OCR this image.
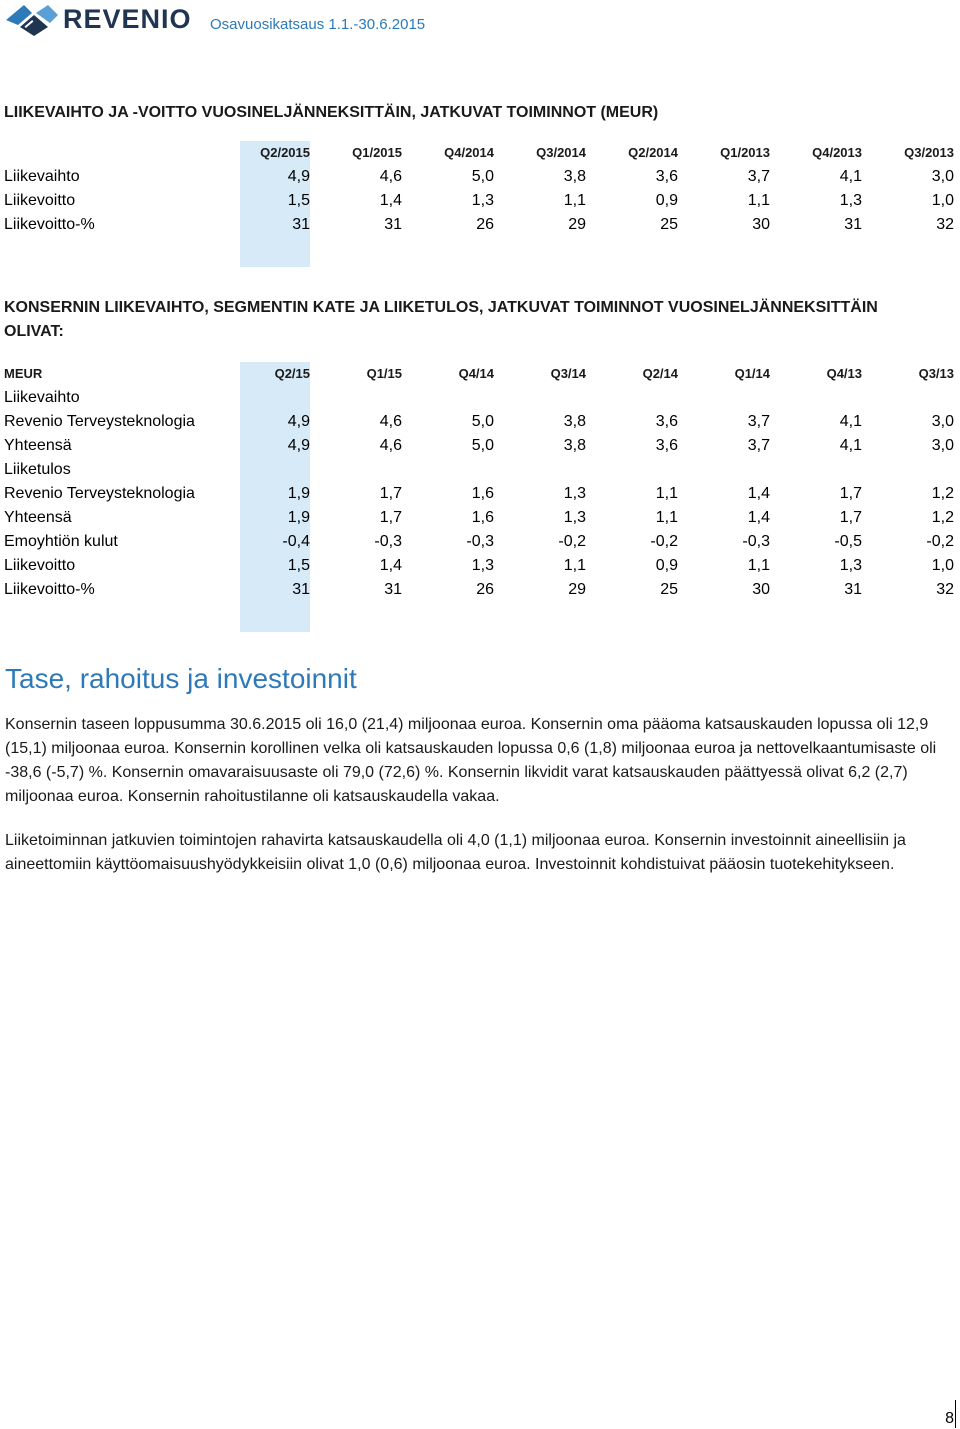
REVENIO Osavuosikatsaus 1.1.-30.6.2015
LIIKEVAIHTO JA -VOITTO VUOSINELJÄNNEKSITTÄIN, JATKUVAT TOIMINNOT (MEUR)
	Q2/2015	Q1/2015	Q4/2014	Q3/2014	Q2/2014	Q1/2013	Q4/2013	Q3/2013
Liikevaihto	4,9	4,6	5,0	3,8	3,6	3,7	4,1	3,0
Liikevoitto	1,5	1,4	1,3	1,1	0,9	1,1	1,3	1,0
Liikevoitto-%	31	31	26	29	25	30	31	32

KONSERNIN LIIKEVAIHTO, SEGMENTIN KATE JA LIIKETULOS, JATKUVAT TOIMINNOT VUOSINELJÄNNEKSITTÄIN
OLIVAT:
MEUR	Q2/15	Q1/15	Q4/14	Q3/14	Q2/14	Q1/14	Q4/13	Q3/13
Liikevaihto								
Revenio Terveysteknologia	4,9	4,6	5,0	3,8	3,6	3,7	4,1	3,0
Yhteensä	4,9	4,6	5,0	3,8	3,6	3,7	4,1	3,0
Liiketulos								
Revenio Terveysteknologia	1,9	1,7	1,6	1,3	1,1	1,4	1,7	1,2
Yhteensä	1,9	1,7	1,6	1,3	1,1	1,4	1,7	1,2
Emoyhtiön kulut	-0,4	-0,3	-0,3	-0,2	-0,2	-0,3	-0,5	-0,2
Liikevoitto	1,5	1,4	1,3	1,1	0,9	1,1	1,3	1,0
Liikevoitto-%	31	31	26	29	25	30	31	32

Tase, rahoitus ja investoinnit
Konsernin taseen loppusumma 30.6.2015 oli 16,0 (21,4) miljoonaa euroa. Konsernin oma pääoma katsauskauden lopussa oli 12,9 (15,1) miljoonaa euroa. Konsernin korollinen velka oli katsauskauden lopussa 0,6 (1,8) miljoonaa euroa ja nettovelkaantumisaste oli -38,6 (-5,7) %. Konsernin omavaraisuusaste oli 79,0 (72,6) %. Konsernin likvidit varat katsauskauden päättyessä olivat 6,2 (2,7) miljoonaa euroa. Konsernin rahoitustilanne oli katsauskaudella vakaa.
Liiketoiminnan jatkuvien toimintojen rahavirta katsauskaudella oli 4,0 (1,1) miljoonaa euroa. Konsernin investoinnit aineellisiin ja aineettomiin käyttöomaisuushyödykkeisiin olivat 1,0 (0,6) miljoonaa euroa. Investoinnit kohdistuivat pääosin tuotekehitykseen.
8
